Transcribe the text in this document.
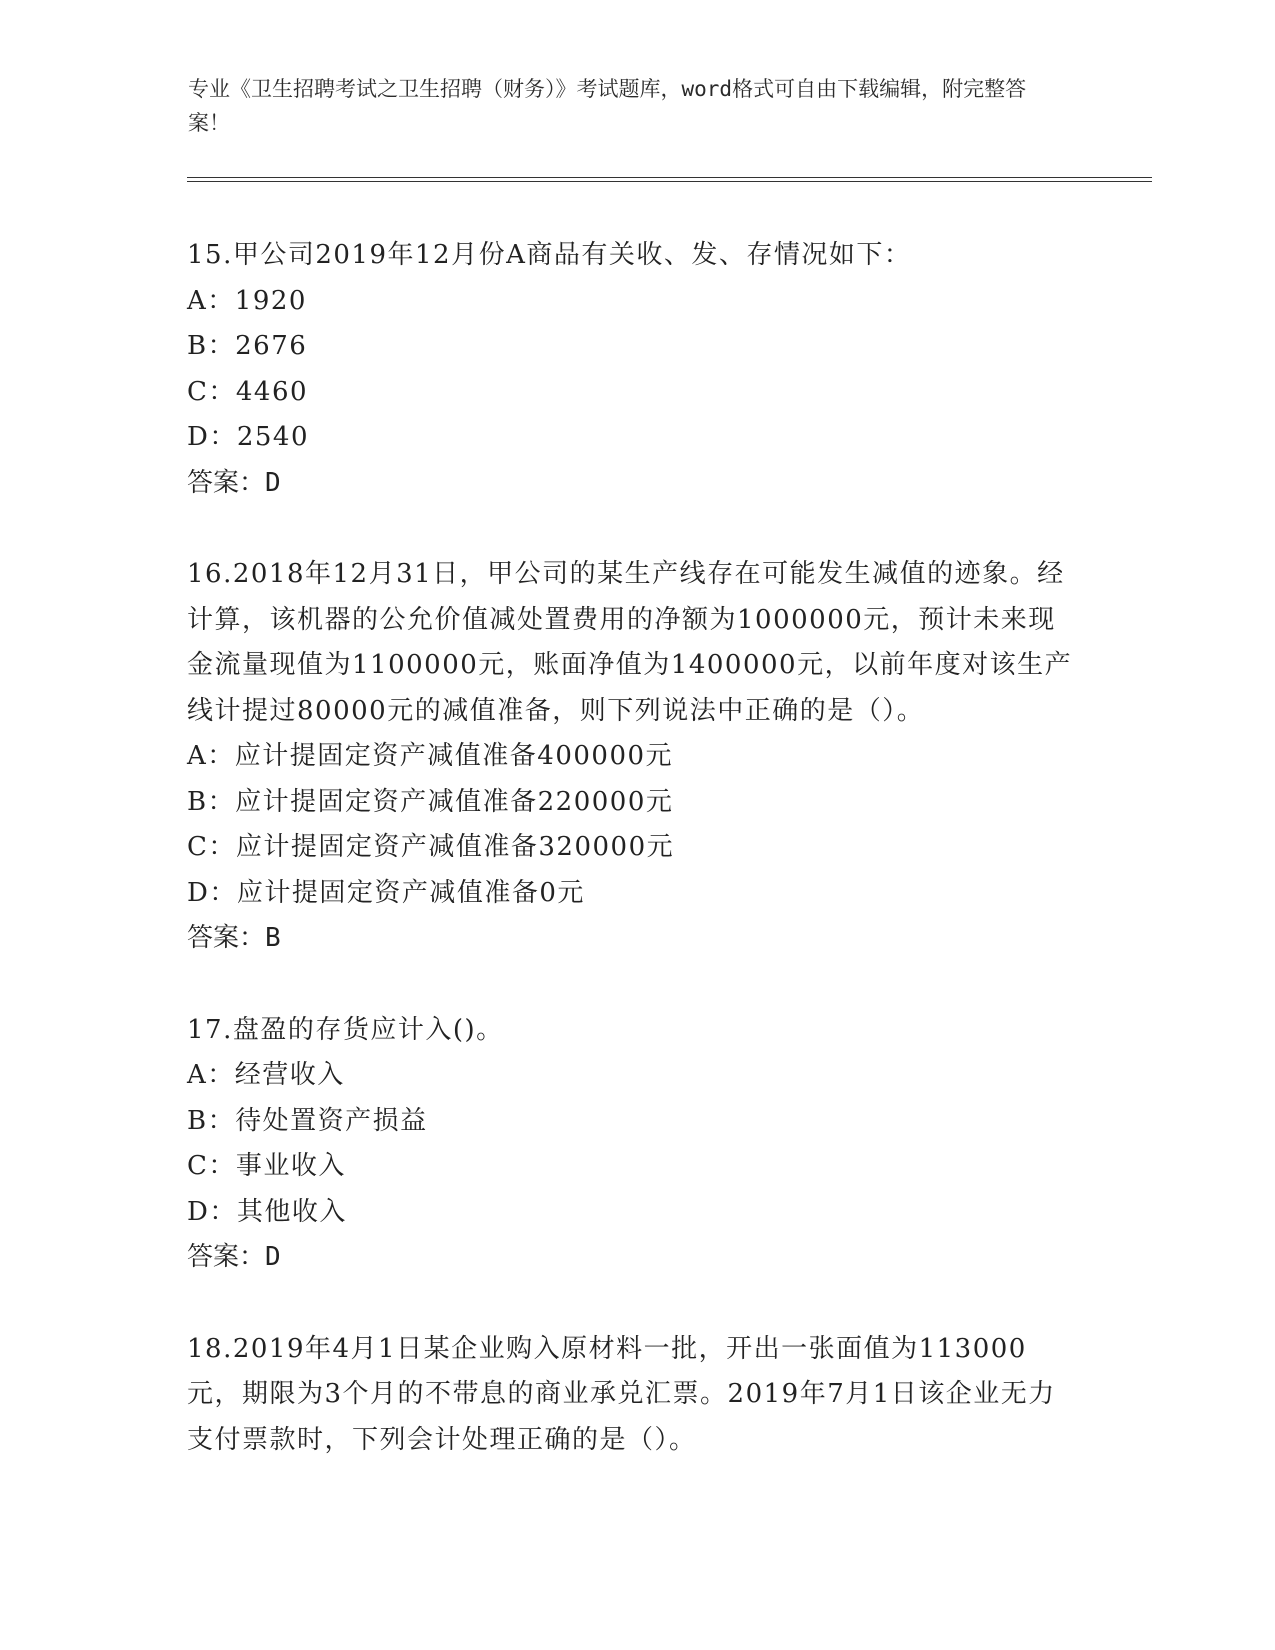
专业《卫生招聘考试之卫生招聘（财务）》考试题库，word格式可自由下载编辑，附完整答案！
15.甲公司2019年12月份A商品有关收、发、存情况如下：
A：1920
B：2676
C：4460
D：2540
答案：D
16.2018年12月31日，甲公司的某生产线存在可能发生减值的迹象。经计算，该机器的公允价值减处置费用的净额为1000000元，预计未来现金流量现值为1100000元，账面净值为1400000元，以前年度对该生产线计提过80000元的减值准备，则下列说法中正确的是（）。
A：应计提固定资产减值准备400000元
B：应计提固定资产减值准备220000元
C：应计提固定资产减值准备320000元
D：应计提固定资产减值准备0元
答案：B
17.盘盈的存货应计入()。
A：经营收入
B：待处置资产损益
C：事业收入
D：其他收入
答案：D
18.2019年4月1日某企业购入原材料一批，开出一张面值为113000元，期限为3个月的不带息的商业承兑汇票。2019年7月1日该企业无力支付票款时，下列会计处理正确的是（）。
